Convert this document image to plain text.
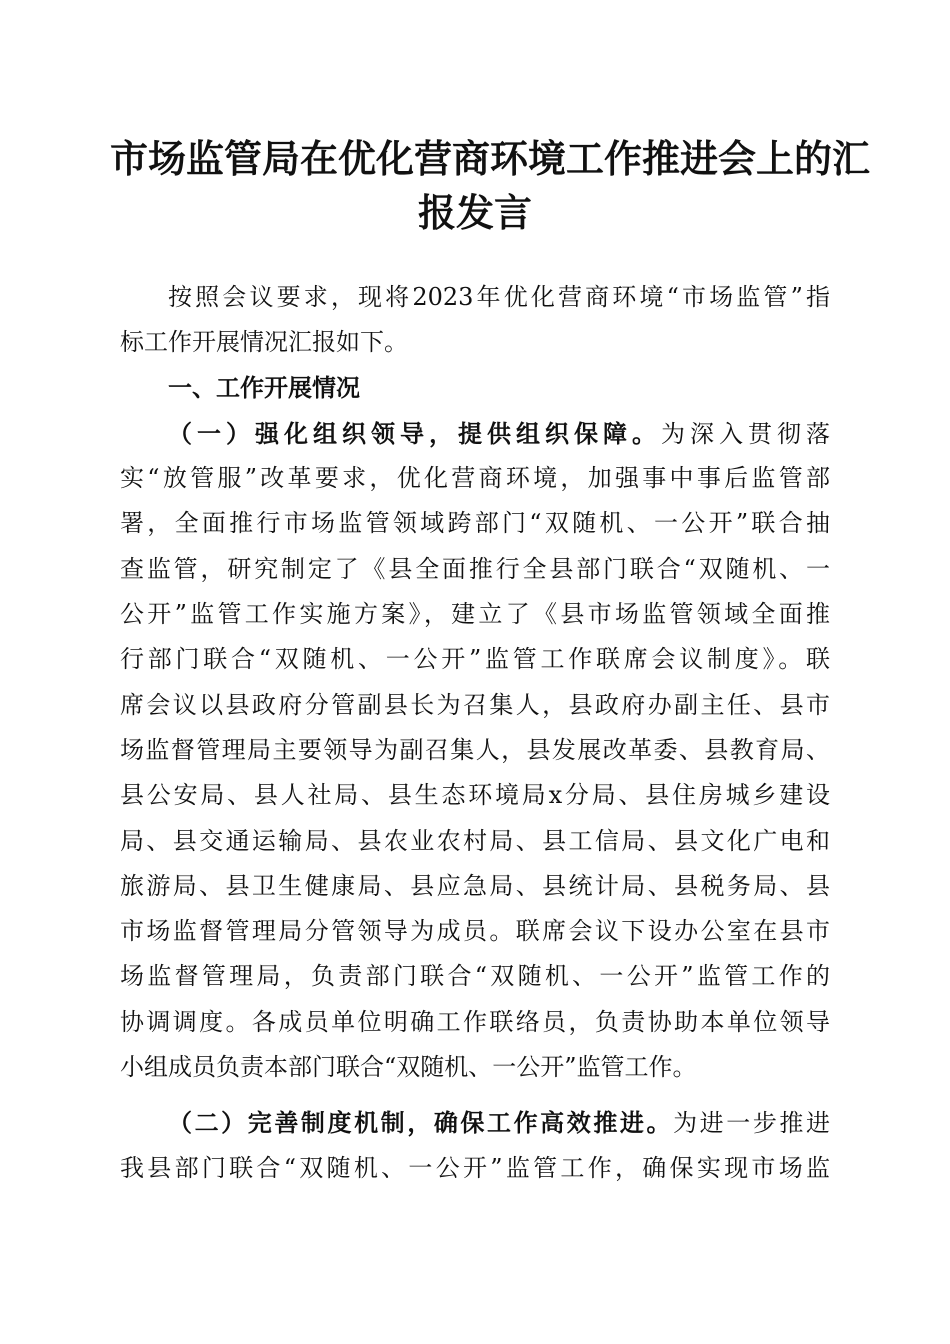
市场监管局在优化营商环境工作推进会上的汇
报发言
按照会议要求，现将2023年优化营商环境“市场监管”指
标工作开展情况汇报如下。
一、工作开展情况
（一）强化组织领导，提供组织保障。为深入贯彻落
实“放管服”改革要求，优化营商环境，加强事中事后监管部
署，全面推行市场监管领域跨部门“双随机、一公开”联合抽
查监管，研究制定了《县全面推行全县部门联合“双随机、一
公开”监管工作实施方案》，建立了《县市场监管领域全面推
行部门联合“双随机、一公开”监管工作联席会议制度》。联
席会议以县政府分管副县长为召集人，县政府办副主任、县市
场监督管理局主要领导为副召集人，县发展改革委、县教育局、
县公安局、县人社局、县生态环境局x分局、县住房城乡建设
局、县交通运输局、县农业农村局、县工信局、县文化广电和
旅游局、县卫生健康局、县应急局、县统计局、县税务局、县
市场监督管理局分管领导为成员。联席会议下设办公室在县市
场监督管理局，负责部门联合“双随机、一公开”监管工作的
协调调度。各成员单位明确工作联络员，负责协助本单位领导
小组成员负责本部门联合“双随机、一公开”监管工作。
（二）完善制度机制，确保工作高效推进。为进一步推进
我县部门联合“双随机、一公开”监管工作，确保实现市场监
